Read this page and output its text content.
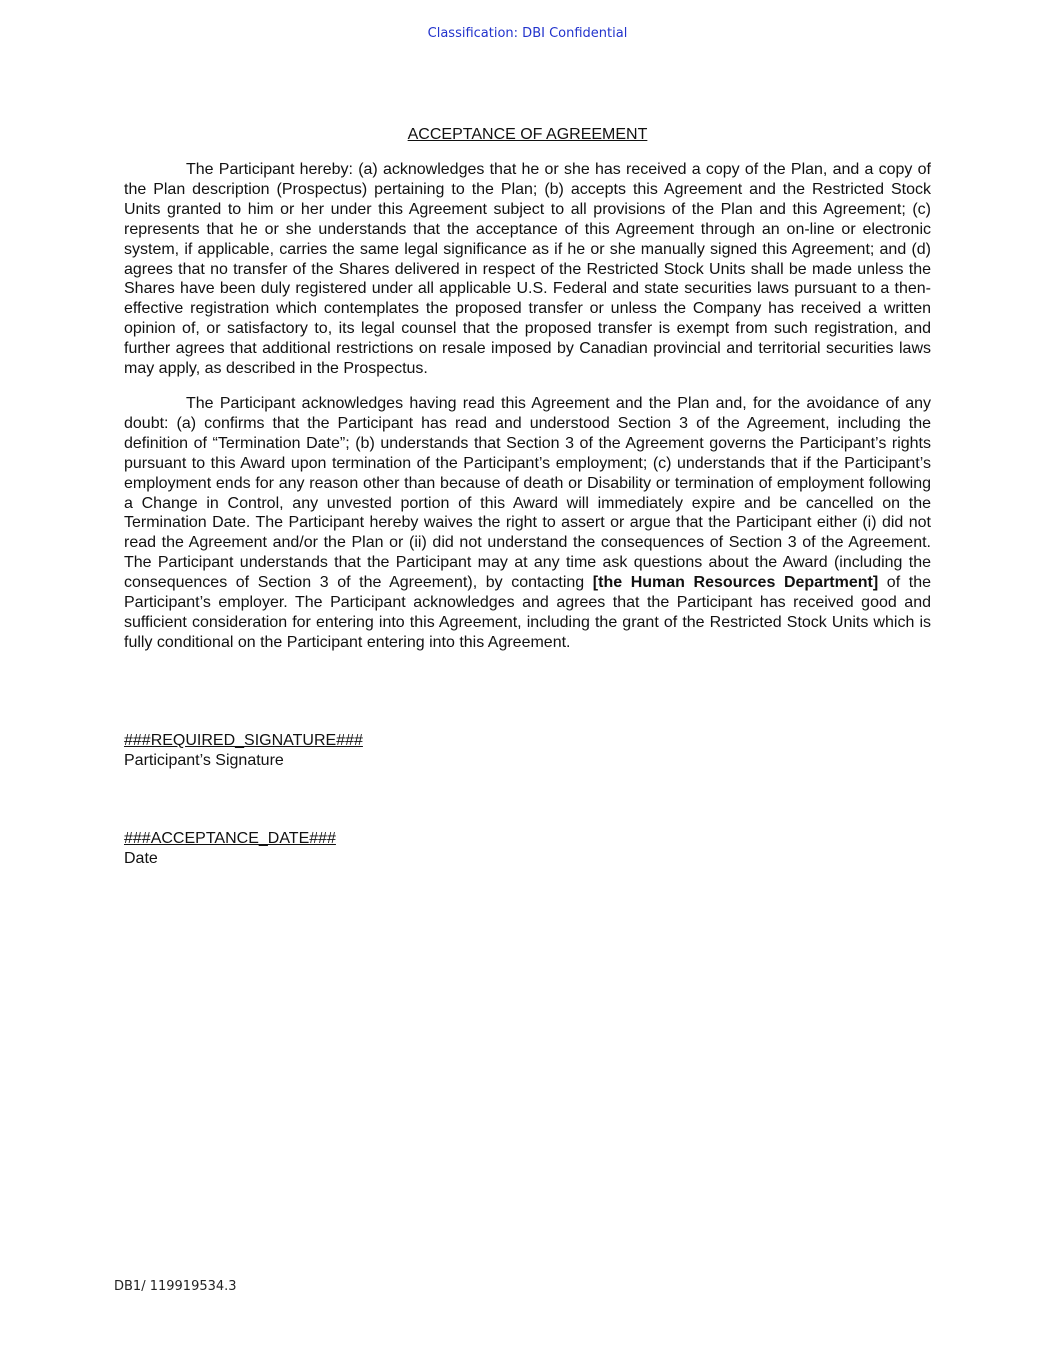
Classification: DBI Confidential
ACCEPTANCE OF AGREEMENT

The Participant hereby: (a) acknowledges that he or she has received a copy of the Plan, and a copy of the Plan description (Prospectus) pertaining to the Plan; (b) accepts this Agreement and the Restricted Stock Units granted to him or her under this Agreement subject to all provisions of the Plan and this Agreement; (c) represents that he or she understands that the acceptance of this Agreement through an on-line or electronic system, if applicable, carries the same legal significance as if he or she manually signed this Agreement; and (d) agrees that no transfer of the Shares delivered in respect of the Restricted Stock Units shall be made unless the Shares have been duly registered under all applicable U.S. Federal and state securities laws pursuant to a then-effective registration which contemplates the proposed transfer or unless the Company has received a written opinion of, or satisfactory to, its legal counsel that the proposed transfer is exempt from such registration, and further agrees that additional restrictions on resale imposed by Canadian provincial and territorial securities laws may apply, as described in the Prospectus.

The Participant acknowledges having read this Agreement and the Plan and, for the avoidance of any doubt: (a) confirms that the Participant has read and understood Section 3 of the Agreement, including the definition of “Termination Date”; (b) understands that Section 3 of the Agreement governs the Participant’s rights pursuant to this Award upon termination of the Participant’s employment; (c) understands that if the Participant’s employment ends for any reason other than because of death or Disability or termination of employment following a Change in Control, any unvested portion of this Award will immediately expire and be cancelled on the Termination Date. The Participant hereby waives the right to assert or argue that the Participant either (i) did not read the Agreement and/or the Plan or (ii) did not understand the consequences of Section 3 of the Agreement. The Participant understands that the Participant may at any time ask questions about the Award (including the consequences of Section 3 of the Agreement), by contacting [the Human Resources Department] of the Participant’s employer. The Participant acknowledges and agrees that the Participant has received good and sufficient consideration for entering into this Agreement, including the grant of the Restricted Stock Units which is fully conditional on the Participant entering into this Agreement.

###REQUIRED_SIGNATURE###
Participant’s Signature
###ACCEPTANCE_DATE###
Date
DB1/ 119919534.3
